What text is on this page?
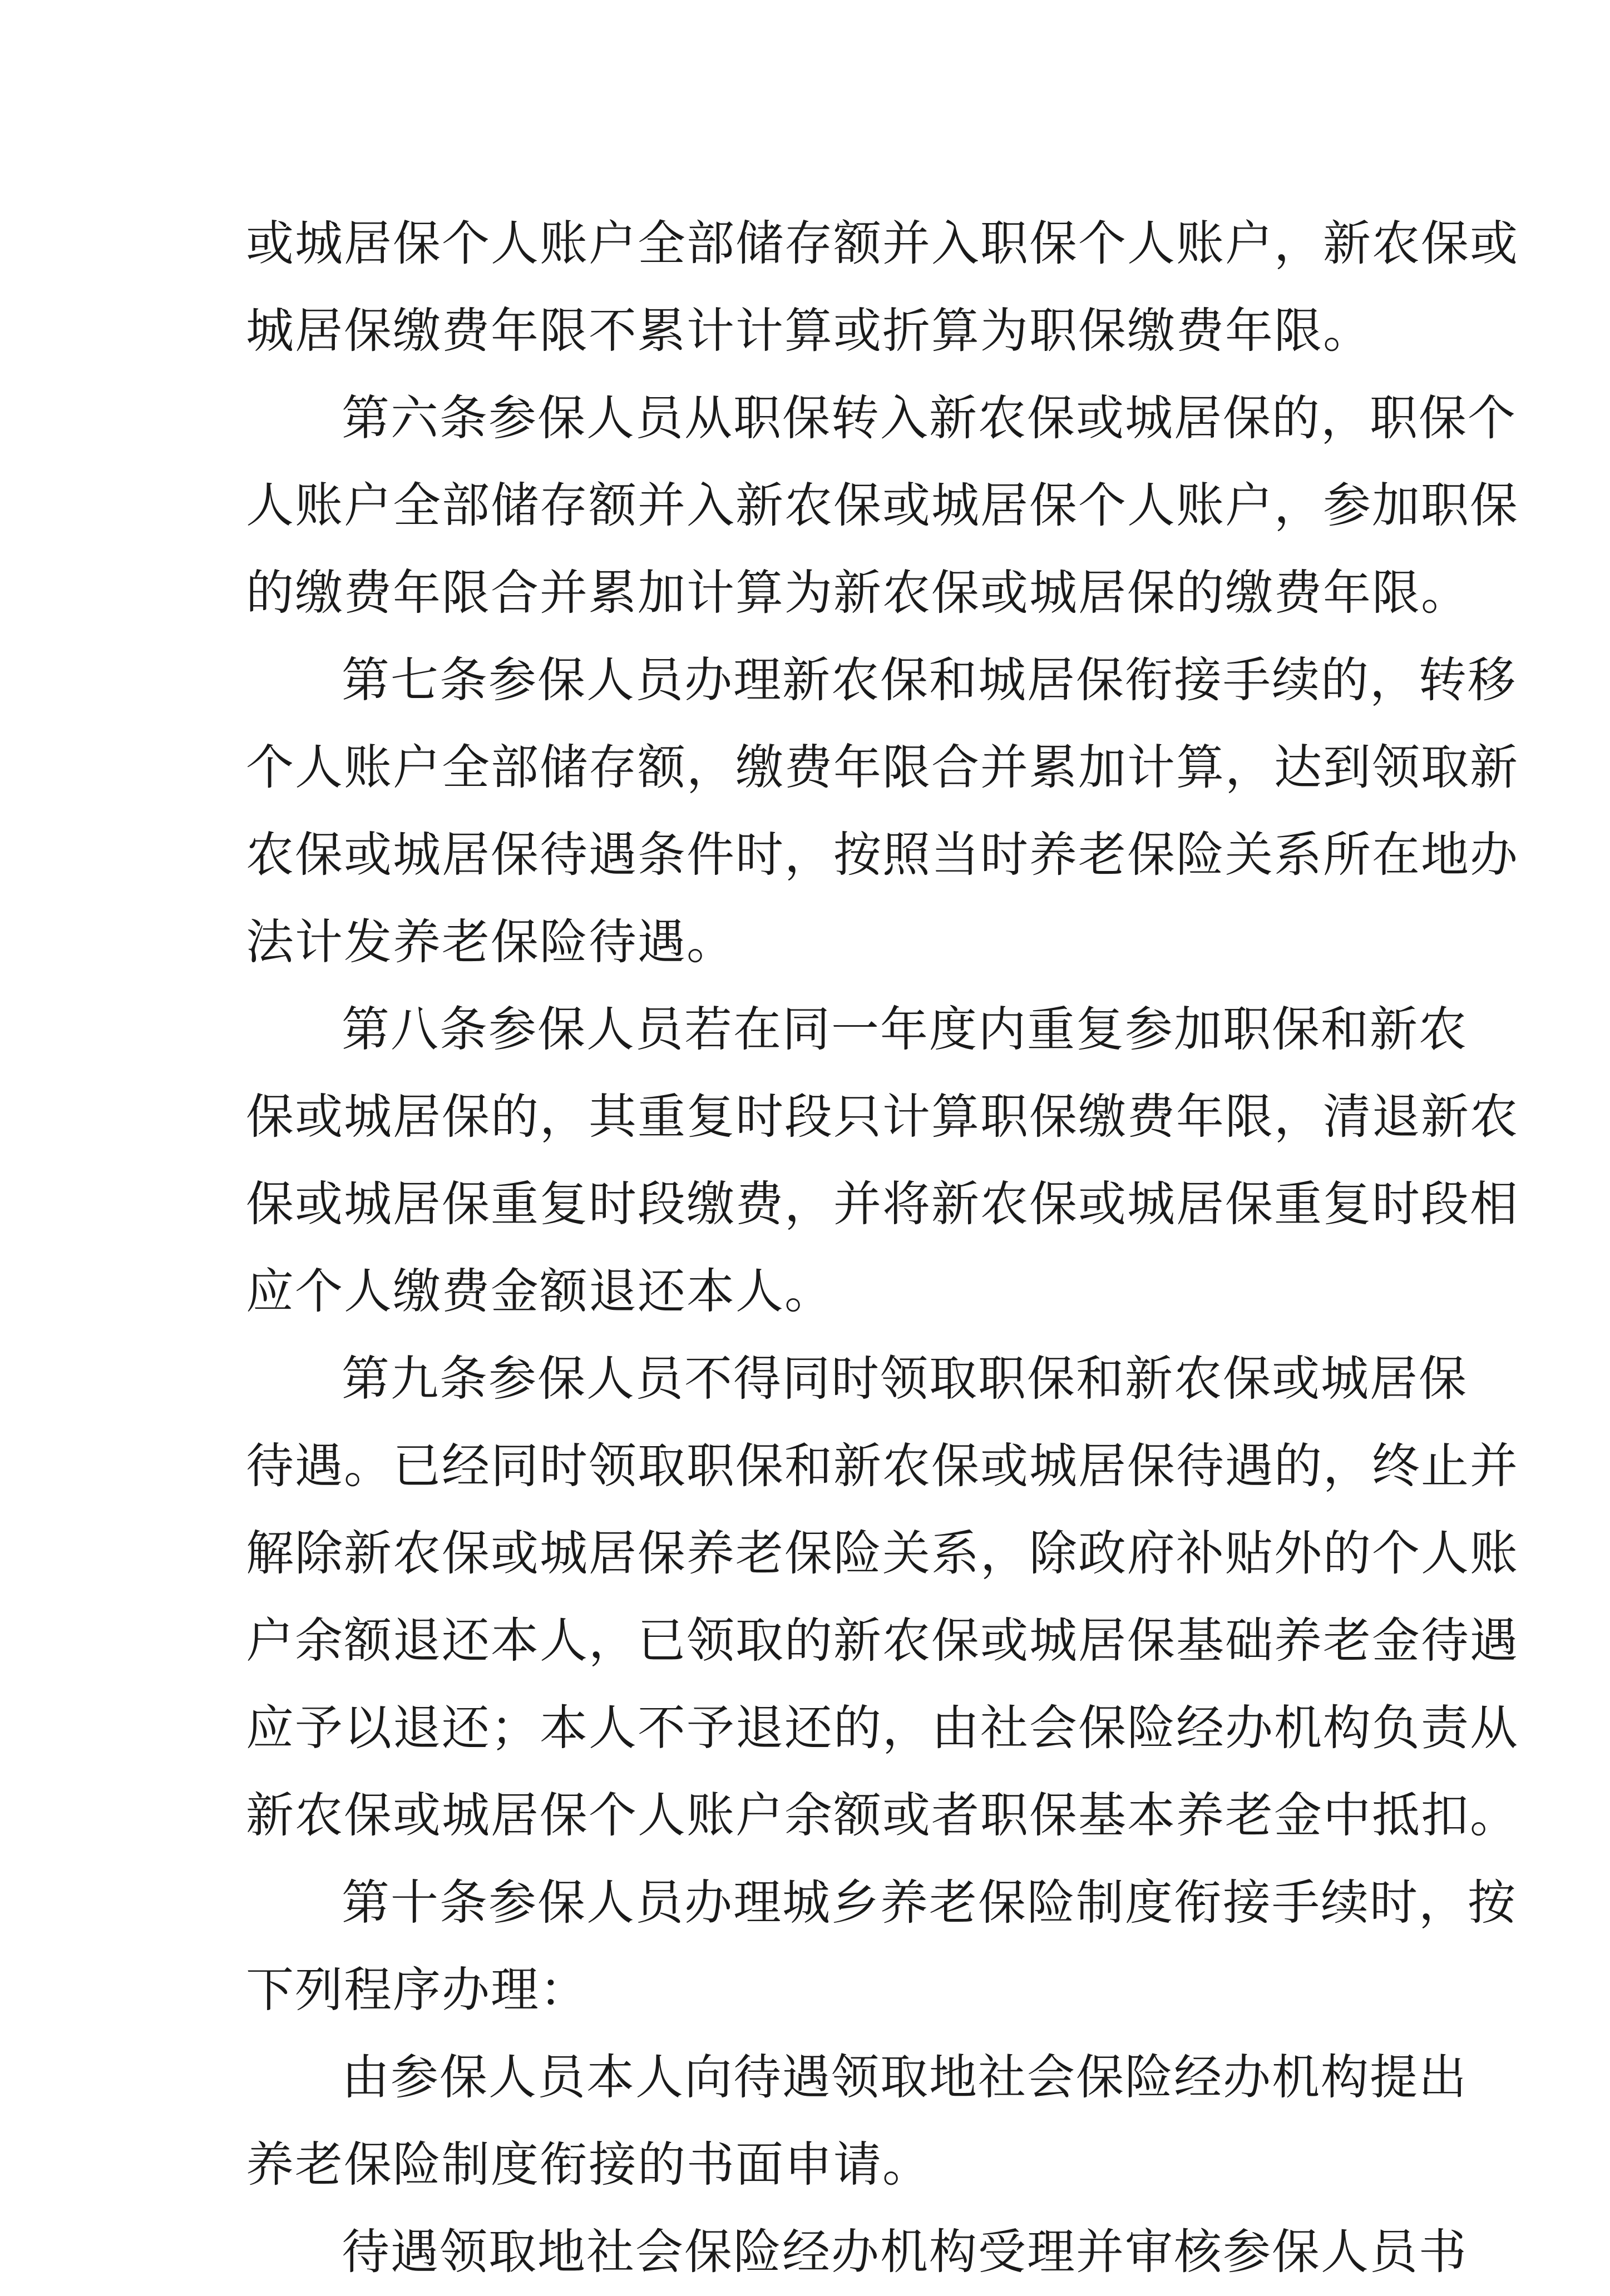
或城居保个人账户全部储存额并入职保个人账户，新农保或
城居保缴费年限不累计计算或折算为职保缴费年限。
第六条参保人员从职保转入新农保或城居保的，职保个
人账户全部储存额并入新农保或城居保个人账户，参加职保
的缴费年限合并累加计算为新农保或城居保的缴费年限。
第七条参保人员办理新农保和城居保衔接手续的，转移
个人账户全部储存额，缴费年限合并累加计算，达到领取新
农保或城居保待遇条件时，按照当时养老保险关系所在地办
法计发养老保险待遇。
第八条参保人员若在同一年度内重复参加职保和新农
保或城居保的，其重复时段只计算职保缴费年限，清退新农
保或城居保重复时段缴费，并将新农保或城居保重复时段相
应个人缴费金额退还本人。
第九条参保人员不得同时领取职保和新农保或城居保
待遇。已经同时领取职保和新农保或城居保待遇的，终止并
解除新农保或城居保养老保险关系，除政府补贴外的个人账
户余额退还本人，已领取的新农保或城居保基础养老金待遇
应予以退还；本人不予退还的，由社会保险经办机构负责从
新农保或城居保个人账户余额或者职保基本养老金中抵扣。
第十条参保人员办理城乡养老保险制度衔接手续时，按
下列程序办理：
由参保人员本人向待遇领取地社会保险经办机构提出
养老保险制度衔接的书面申请。
待遇领取地社会保险经办机构受理并审核参保人员书
